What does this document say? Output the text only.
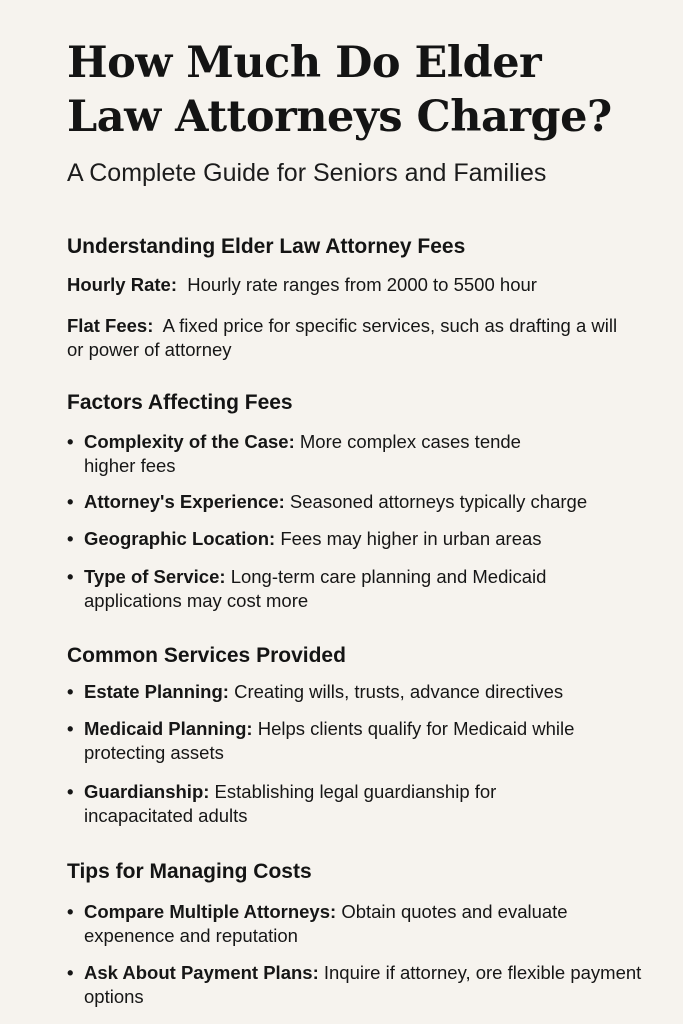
How Much Do Elder Law Attorneys Charge?

A Complete Guide for Seniors and Families

Understanding Elder Law Attorney Fees

Hourly Rate: Hourly rate ranges from 2000 to 5500 hour

Flat Fees: A fixed price for specific services, such as drafting a will or power of attorney

Factors Affecting Fees
• Complexity of the Case: More complex cases tende higher fees
• Attorney's Experience: Seasoned attorneys typically charge
• Geographic Location: Fees may higher in urban areas
• Type of Service: Long-term care planning and Medicaid applications may cost more
Common Services Provided
• Estate Planning: Creating wills, trusts, advance directives
• Medicaid Planning: Helps clients qualify for Medicaid while protecting assets
• Guardianship: Establishing legal guardianship for incapacitated adults
Tips for Managing Costs
• Compare Multiple Attorneys: Obtain quotes and evaluate expenence and reputation
• Ask About Payment Plans: Inquire if attorney, ore flexible payment options
